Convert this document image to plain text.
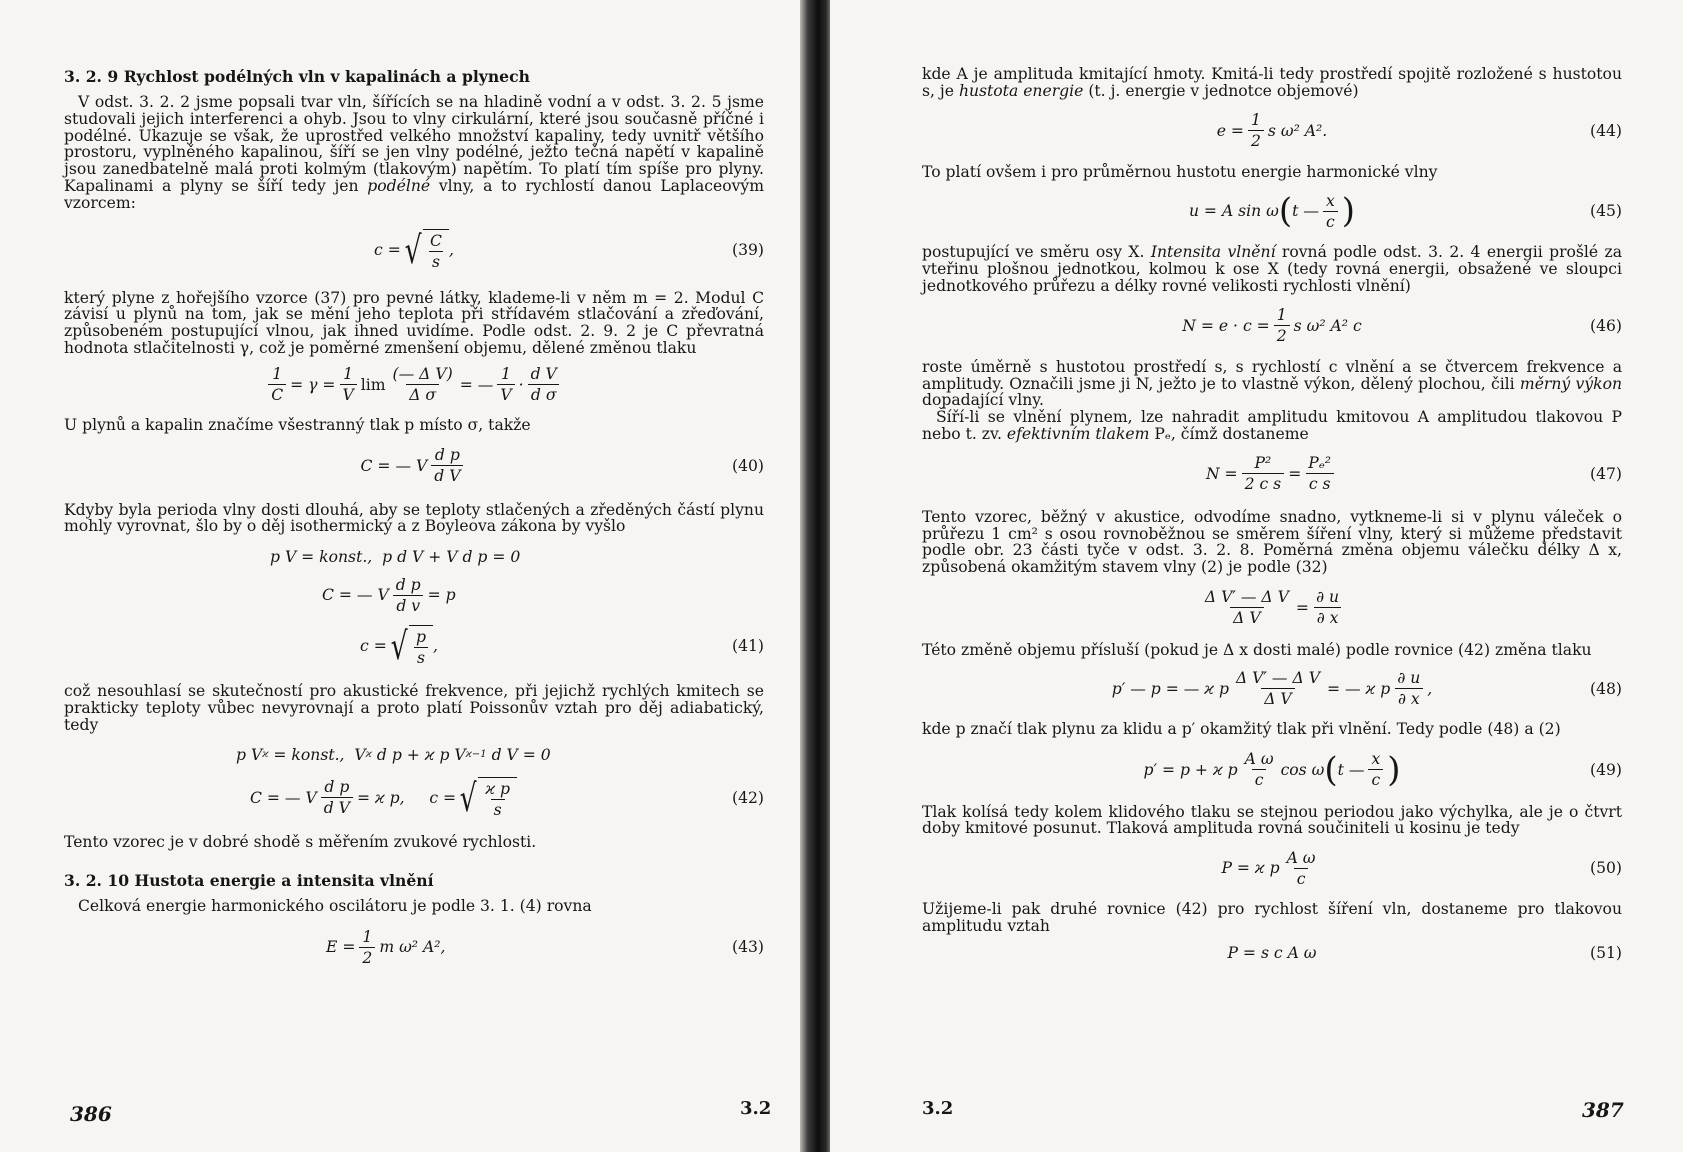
3. 2. 9 Rychlost podélných vln v kapalinách a plynech

V odst. 3. 2. 2 jsme popsali tvar vln, šířících se na hladině vodní a v odst. 3. 2. 5 jsme studovali jejich interferenci a ohyb. Jsou to vlny cirkulární, které jsou současně příčné i podélné. Ukazuje se však, že uprostřed velkého množství kapaliny, tedy uvnitř většího prostoru, vyplněného kapalinou, šíří se jen vlny podélné, ježto tečná napětí v kapalině jsou zanedbatelně malá proti kolmým (tlakovým) napětím. To platí tím spíše pro plyny. Kapalinami a plyny se šíří tedy jen podélné vlny, a to rychlostí danou Laplaceovým vzorcem:

c = √ $\frac{C}{s}$ ,	(39)

který plyne z hořejšího vzorce (37) pro pevné látky, klademe-li v něm m = 2. Modul C závisí u plynů na tom, jak se mění jeho teplota při střídavém stlačování a zřeďování, způsobeném postupující vlnou, jak ihned uvidíme. Podle odst. 2. 9. 2 je C převratná hodnota stlačitelnosti γ, což je poměrné zmenšení objemu, dělené změnou tlaku

$\frac{1}{C} = \gamma = \frac{1}{V}$ $\lim \frac{\text{(— Δ V)}}{\text{Δ σ}}$ = — $\frac{1}{V} \cdot \frac{\text{d V}}{\text{d σ}}$

U plynů a kapalin značíme všestranný tlak p místo σ, takže

C = — V $\frac{\text{d p}}{\text{d V}}$	(40)

Kdyby byla perioda vlny dosti dlouhá, aby se teploty stlačených a zředěných částí plynu mohly vyrovnat, šlo by o děj isothermický a z Boyleova zákona by vyšlo

p V = konst.,  p d V + V d p = 0
C = — V $\frac{\text{d p}}{\text{d v}} = p$
c = √ $\frac{p}{s}$ ,	(41)

což nesouhlasí se skutečností pro akustické frekvence, při jejichž rychlých kmitech se prakticky teploty vůbec nevyrovnají a proto platí Poissonův vztah pro děj adiabatický, tedy

p V ϰ = konst.,  V ϰ d p + ϰ p V ϰ−1 d V = 0
C = — V $\frac{\text{d p}}{\text{d V}} = ϰ$ p,     c = √ $\frac{\text{ϰ p}}{s}$	(42)

Tento vzorec je v dobré shodě s měřením zvukové rychlosti.

3. 2. 10 Hustota energie a intensita vlnění

Celková energie harmonického oscilátoru je podle 3. 1. (4) rovna

$E = \frac{1}{2}$ m ω² A²,	(43)
386	3.2

kde A je amplituda kmitající hmoty. Kmitá-li tedy prostředí spojitě rozložené s hustotou s, je hustota energie (t. j. energie v jednotce objemové)

$e = \frac{1}{2}$ s ω² A².	(44)

To platí ovšem i pro průměrnou hustotu energie harmonické vlny

u = A sin ω ( t — $\frac{x}{c}$ )	(45)

postupující ve směru osy X. Intensita vlnění rovná podle odst. 3. 2. 4 energii prošlé za vteřinu plošnou jednotkou, kolmou k ose X (tedy rovná energii, obsažené ve sloupci jednotkového průřezu a délky rovné velikosti rychlosti vlnění)

$N = e \cdot c = \frac{1}{2}$ s ω² A² c	(46)

roste úměrně s hustotou prostředí s, s rychlostí c vlnění a se čtvercem frekvence a amplitudy. Označili jsme ji N, ježto je to vlastně výkon, dělený plochou, čili měrný výkon dopadající vlny.

Šíří-li se vlnění plynem, lze nahradit amplitudu kmitovou A amplitudou tlakovou P nebo t. zv. efektivním tlakem Pₑ, čímž dostaneme

$N = \frac{\text{P²}}{\text{2 c s}} = \frac{\text{Pₑ²}}{\text{c s}}$	(47)

Tento vzorec, běžný v akustice, odvodíme snadno, vytkneme-li si v plynu váleček o průřezu 1 cm² s osou rovnoběžnou se směrem šíření vlny, který si můžeme představit podle obr. 23 části tyče v odst. 3. 2. 8. Poměrná změna objemu válečku délky Δ x, způsobená okamžitým stavem vlny (2) je podle (32)

$\frac{\text{Δ V′ — Δ V}}{\text{Δ V}} = \frac{\partial u}{\partial x}$

Této změně objemu přísluší (pokud je Δ x dosti malé) podle rovnice (42) změna tlaku

p′ — p = — ϰ p $\frac{\text{Δ V′ — Δ V}}{\text{Δ V}}$ = — ϰ p $\frac{\partial u}{\partial x}$ ,	(48)

kde p značí tlak plynu za klidu a p′ okamžitý tlak při vlnění. Tedy podle (48) a (2)

p′ = p + ϰ p $\frac{\text{A ω}}{c}$ cos ω ( t — $\frac{x}{c}$ )	(49)

Tlak kolísá tedy kolem klidového tlaku se stejnou periodou jako výchylka, ale je o čtvrt doby kmitové posunut. Tlaková amplituda rovná součiniteli u kosinu je tedy

P = ϰ p $\frac{\text{A ω}}{c}$	(50)

Užijeme-li pak druhé rovnice (42) pro rychlost šíření vln, dostaneme pro tlakovou amplitudu vztah

P = s c A ω	(51)
3.2	387
